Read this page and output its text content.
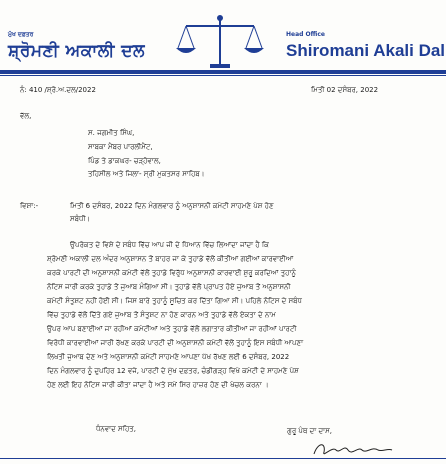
ਮੁੱਖ ਦਫ਼ਤਰ
ਸ਼੍ਰੋਮਣੀ ਅਕਾਲੀ ਦਲ
Head Office
Shiromani Akali Dal
ਨੰ: 410 /ਸ਼੍ਰੋ.ਅ.ਦਲ/2022	ਮਿਤੀ 02 ਦਸੰਬਰ, 2022
ਵੱਲ,
ਸ. ਜਗਮੀਤ ਸਿੰਘ,
ਸਾਬਕਾ ਮੈਂਬਰ ਪਾਰਲੀਮੈਂਟ,
ਪਿੰਡ ਤੇ ਡਾਕਘਰ- ਚੜ੍ਹੋਵਾਲ,
ਤਹਿਸੀਲ ਅਤੇ ਜਿਲਾ- ਸ੍ਰੀ ਮੁਕਤਸਰ ਸਾਹਿਬ।
ਵਿਸ਼ਾ:-	ਮਿਤੀ 6 ਦਸੰਬਰ, 2022 ਦਿਨ ਮੰਗਲਵਾਰ ਨੂੰ ਅਨੁਸ਼ਾਸਨੀ ਕਮੇਟੀ ਸਾਹਮਣੇ ਪੇਸ਼ ਹੋਣ
ਸਬੰਧੀ।
ਉਪਰੋਕਤ ਦੇ ਵਿਸ਼ੇ ਦੇ ਸਬੰਧ ਵਿੱਚ ਆਪ ਜੀ ਦੇ ਧਿਆਨ ਵਿੱਚ ਲਿਆਂਦਾ ਜਾਂਦਾ ਹੈ ਕਿ
ਸ਼੍ਰੋਮਣੀ ਅਕਾਲੀ ਦਲ ਅੰਦਰ ਅਨੁਸ਼ਾਸਨ ਤੋਂ ਬਾਹਰ ਜਾ ਕੇ ਤੁਹਾਡੇ ਵੱਲੋਂ ਕੀਤੀਆਂ ਗਈਆਂ ਕਾਰਵਾਈਆਂ
ਕਰਕੇ ਪਾਰਟੀ ਦੀ ਅਨੁਸ਼ਾਸਨੀ ਕਮੇਟੀ ਵੱਲੋਂ ਤੁਹਾਡੇ ਵਿਰੁੱਧ ਅਨੁਸ਼ਾਸਨੀ ਕਾਰਵਾਈ ਸ਼ੁਰੂ ਕਰਦਿਆਂ ਤੁਹਾਨੂੰ
ਨੋਟਿਸ ਜਾਰੀ ਕਰਕੇ ਤੁਹਾਡੇ ਤੋਂ ਜੁਆਬ ਮੰਗਿਆ ਸੀ। ਤੁਹਾਡੇ ਵੱਲੋਂ ਪ੍ਰਾਪਤ ਹੋਏ ਜੁਆਬ ਤੋਂ ਅਨੁਸ਼ਾਸਨੀ
ਕਮੇਟੀ ਸੰਤੁਸ਼ਟ ਨਹੀਂ ਹੋਈ ਸੀ। ਜਿਸ ਬਾਰੇ ਤੁਹਾਨੂੰ ਸੂਚਿਤ ਕਰ ਦਿੱਤਾ ਗਿਆ ਸੀ। ਪਹਿਲੇ ਨੋਟਿਸ ਦੇ ਸਬੰਧ
ਵਿੱਚ ਤੁਹਾਡੇ ਵੱਲੋਂ ਦਿੱਤੇ ਗਏ ਜੁਆਬ ਤੋਂ ਸੰਤੁਸ਼ਟ ਨਾ ਹੋਣ ਕਾਰਨ ਅਤੇ ਤੁਹਾਡੇ ਵੱਲੋਂ ਏਕਤਾ ਦੇ ਨਾਮ
ਉਪਰ ਆਪ ਬਣਾਈਆਂ ਜਾ ਰਹੀਆਂ ਕਮੇਟੀਆਂ ਅਤੇ ਤੁਹਾਡੇ ਵੱਲੋਂ ਲਗਾਤਾਰ ਕੀਤੀਆਂ ਜਾ ਰਹੀਆਂ ਪਾਰਟੀ
ਵਿਰੋਧੀ ਕਾਰਵਾਈਆਂ ਜਾਰੀ ਰੱਖਣ ਕਰਕੇ ਪਾਰਟੀ ਦੀ ਅਨੁਸ਼ਾਸਨੀ ਕਮੇਟੀ ਵੱਲੋਂ ਤੁਹਾਨੂੰ ਇਸ ਸਬੰਧੀ ਆਪਣਾ
ਲਿਖਤੀ ਜੁਆਬ ਦੇਣ ਅਤੇ ਅਨੁਸ਼ਾਸਨੀ ਕਮੇਟੀ ਸਾਹਮਣੇ ਆਪਣਾ ਪੱਖ ਰੱਖਣ ਲਈ 6 ਦਸੰਬਰ, 2022
ਦਿਨ ਮੰਗਲਵਾਰ ਨੂੰ ਦੁਪਹਿਰ 12 ਵਜੇ, ਪਾਰਟੀ ਦੇ ਮੁੱਖ ਦਫ਼ਤਰ, ਚੰਡੀਗੜ੍ਹ ਵਿਖੇ ਕਮੇਟੀ ਦੇ ਸਾਹਮਣੇ ਪੇਸ਼
ਹੋਣ ਲਈ ਇਹ ਨੋਟਿਸ ਜਾਰੀ ਕੀਤਾ ਜਾਂਦਾ ਹੈ ਅਤੇ ਸਮੇਂ ਸਿਰ ਹਾਜ਼ਰ ਹੋਣ ਦੀ ਖੇਚਲ ਕਰਨਾ ।
ਧੰਨਵਾਦ ਸਹਿਤ,	ਗੁਰੂ ਪੰਥ ਦਾ ਦਾਸ,
